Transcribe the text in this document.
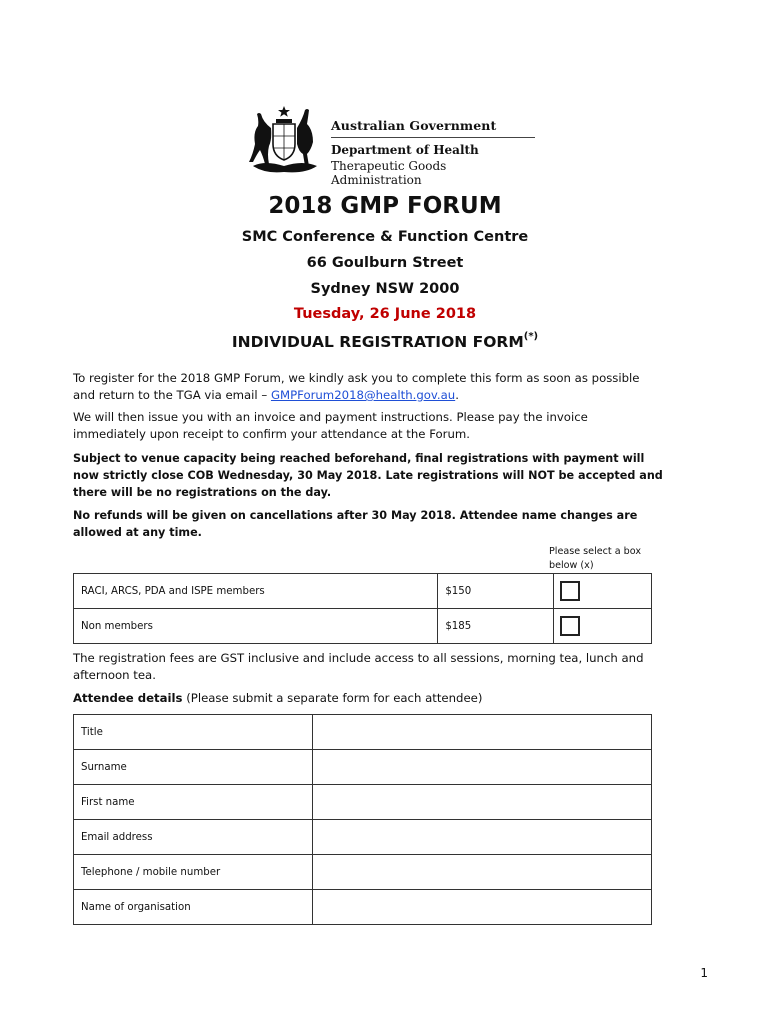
Australian Government
Department of Health
Therapeutic Goods Administration
2018 GMP FORUM
SMC Conference & Function Centre
66 Goulburn Street
Sydney NSW 2000
Tuesday, 26 June 2018
INDIVIDUAL REGISTRATION FORM(*)
To register for the 2018 GMP Forum, we kindly ask you to complete this form as soon as possible and return to the TGA via email – GMPForum2018@health.gov.au.
We will then issue you with an invoice and payment instructions. Please pay the invoice immediately upon receipt to confirm your attendance at the Forum.
Subject to venue capacity being reached beforehand, final registrations with payment will now strictly close COB Wednesday, 30 May 2018. Late registrations will NOT be accepted and there will be no registrations on the day.
No refunds will be given on cancellations after 30 May 2018. Attendee name changes are allowed at any time.
Please select a box below (x)
RACI, ARCS, PDA and ISPE members	$150	

Non members	$185	
The registration fees are GST inclusive and include access to all sessions, morning tea, lunch and afternoon tea.
Attendee details (Please submit a separate form for each attendee)
Title	
Surname	
First name	
Email address	
Telephone / mobile number	
Name of organisation	
1
